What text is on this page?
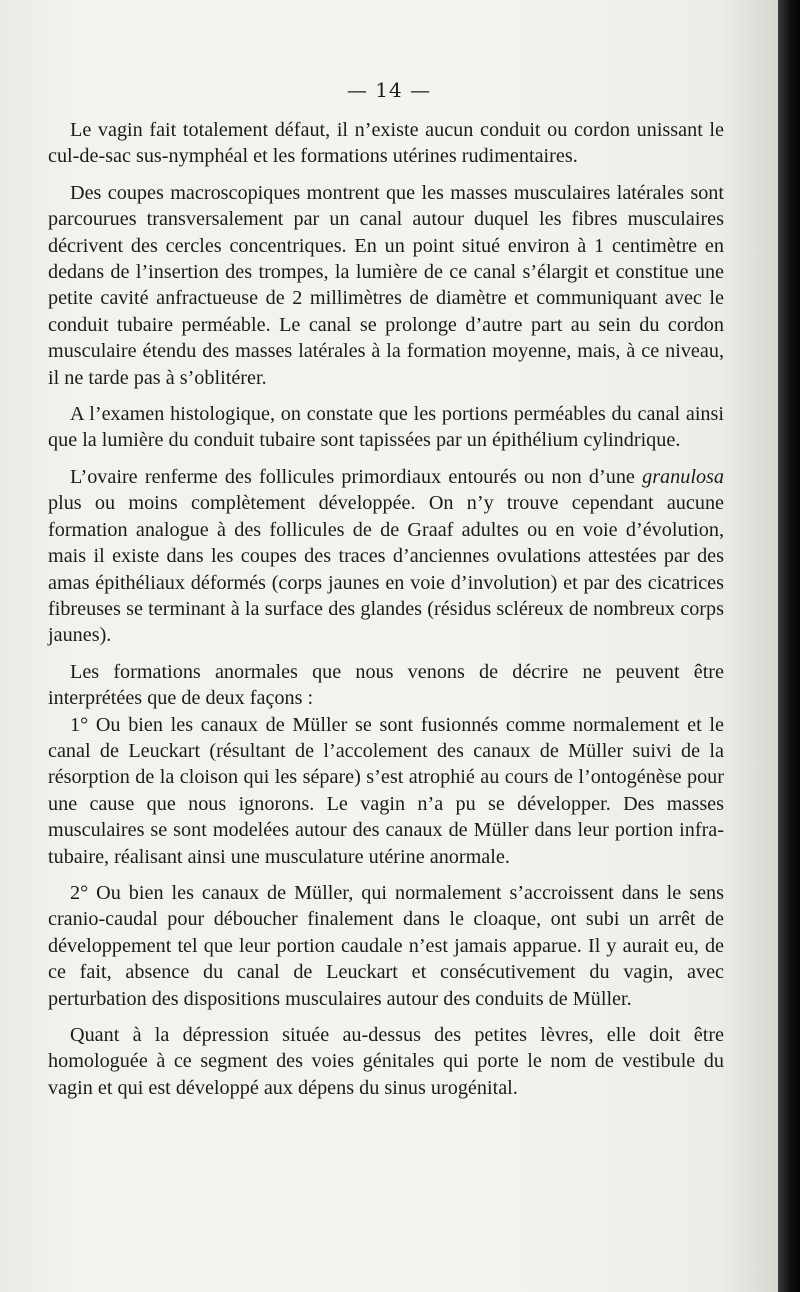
— 14 —

Le vagin fait totalement défaut, il n’existe aucun conduit ou cordon unissant le cul-de-sac sus-nymphéal et les formations utérines rudimentaires.

Des coupes macroscopiques montrent que les masses musculaires latérales sont parcourues transversalement par un canal autour duquel les fibres musculaires décrivent des cercles concentriques. En un point situé environ à 1 centimètre en dedans de l’insertion des trompes, la lumière de ce canal s’élargit et constitue une petite cavité anfractueuse de 2 millimètres de diamètre et communiquant avec le conduit tubaire perméable. Le canal se prolonge d’autre part au sein du cordon musculaire étendu des masses latérales à la formation moyenne, mais, à ce niveau, il ne tarde pas à s’oblitérer.

A l’examen histologique, on constate que les portions perméables du canal ainsi que la lumière du conduit tubaire sont tapissées par un épithélium cylindrique.

L’ovaire renferme des follicules primordiaux entourés ou non d’une granulosa plus ou moins complètement développée. On n’y trouve cependant aucune formation analogue à des follicules de de Graaf adultes ou en voie d’évolution, mais il existe dans les coupes des traces d’anciennes ovulations attestées par des amas épithéliaux déformés (corps jaunes en voie d’involution) et par des cicatrices fibreuses se terminant à la surface des glandes (résidus scléreux de nombreux corps jaunes).

Les formations anormales que nous venons de décrire ne peuvent être interprétées que de deux façons :

1° Ou bien les canaux de Müller se sont fusionnés comme normalement et le canal de Leuckart (résultant de l’accolement des canaux de Müller suivi de la résorption de la cloison qui les sépare) s’est atrophié au cours de l’ontogénèse pour une cause que nous ignorons. Le vagin n’a pu se développer. Des masses musculaires se sont modelées autour des canaux de Müller dans leur portion infra-tubaire, réalisant ainsi une musculature utérine anormale.

2° Ou bien les canaux de Müller, qui normalement s’accroissent dans le sens cranio-caudal pour déboucher finalement dans le cloaque, ont subi un arrêt de développement tel que leur portion caudale n’est jamais apparue. Il y aurait eu, de ce fait, absence du canal de Leuckart et consécutivement du vagin, avec perturbation des dispositions musculaires autour des conduits de Müller.

Quant à la dépression située au-dessus des petites lèvres, elle doit être homologuée à ce segment des voies génitales qui porte le nom de vestibule du vagin et qui est développé aux dépens du sinus urogénital.
